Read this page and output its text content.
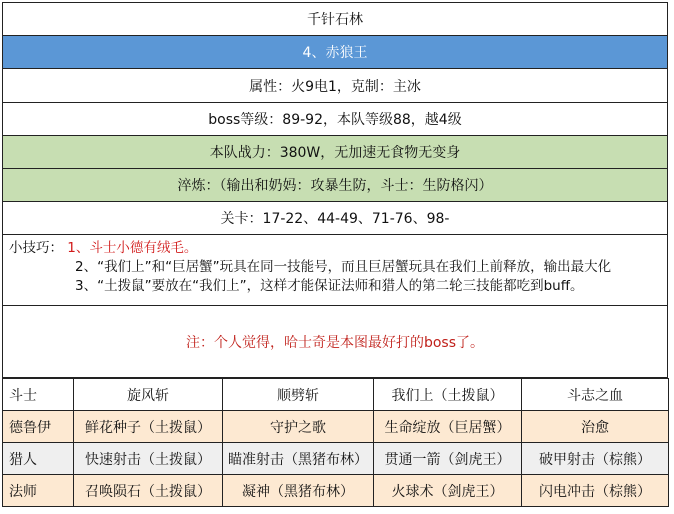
千针石林
4、赤狼王
属性：火9电1，克制：主冰
boss等级：89-92，本队等级88，越4级
本队战力：380W，无加速无食物无变身
淬炼：（输出和奶妈：攻暴生防，斗士：生防格闪）
关卡：17-22、44-49、71-76、98-
小技巧： 1、斗士小德有绒毛。
2、“我们上”和“巨居蟹”玩具在同一技能号，而且巨居蟹玩具在我们上前释放，输出最大化
3、“土拨鼠”要放在“我们上”，这样才能保证法师和猎人的第二轮三技能都吃到buff。
注：个人觉得，哈士奇是本图最好打的boss了。
斗士	旋风斩	顺劈斩	我们上（土拨鼠）	斗志之血
德鲁伊	鲜花种子（土拨鼠）	守护之歌	生命绽放（巨居蟹）	治愈
猎人	快速射击（土拨鼠）	瞄准射击（黑猪布林）	贯通一箭（剑虎王）	破甲射击（棕熊）
法师	召唤陨石（土拨鼠）	凝神（黑猪布林）	火球术（剑虎王）	闪电冲击（棕熊）
